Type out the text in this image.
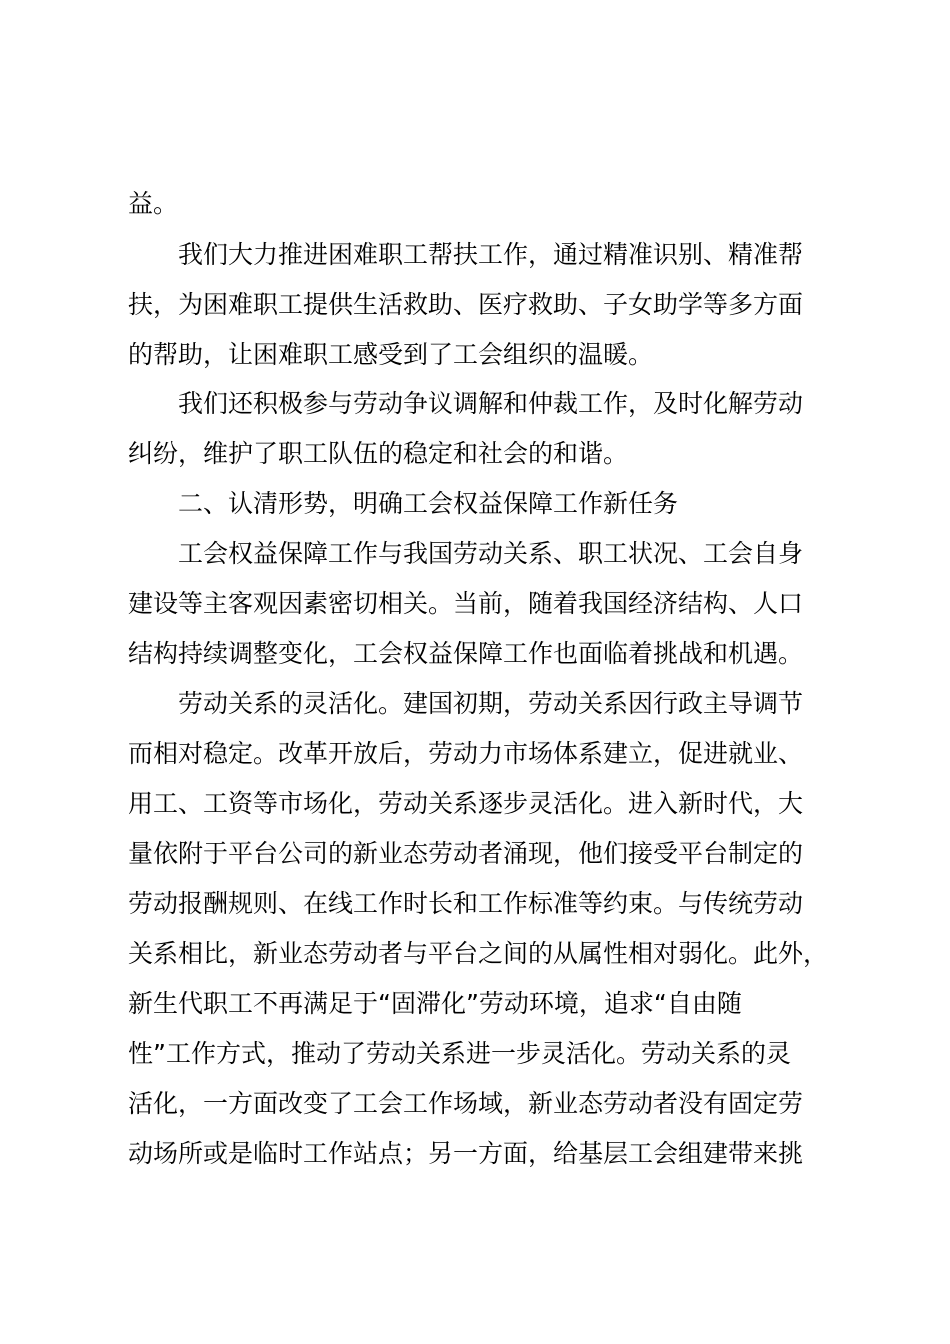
益。
我们大力推进困难职工帮扶工作，通过精准识别、精准帮
扶，为困难职工提供生活救助、医疗救助、子女助学等多方面
的帮助，让困难职工感受到了工会组织的温暖。
我们还积极参与劳动争议调解和仲裁工作，及时化解劳动
纠纷，维护了职工队伍的稳定和社会的和谐。
二、认清形势，明确工会权益保障工作新任务
工会权益保障工作与我国劳动关系、职工状况、工会自身
建设等主客观因素密切相关。当前，随着我国经济结构、人口
结构持续调整变化，工会权益保障工作也面临着挑战和机遇。
劳动关系的灵活化。建国初期，劳动关系因行政主导调节
而相对稳定。改革开放后，劳动力市场体系建立，促进就业、
用工、工资等市场化，劳动关系逐步灵活化。进入新时代，大
量依附于平台公司的新业态劳动者涌现，他们接受平台制定的
劳动报酬规则、在线工作时长和工作标准等约束。与传统劳动
关系相比，新业态劳动者与平台之间的从属性相对弱化。此外，
新生代职工不再满足于“固滞化”劳动环境，追求“自由随
性”工作方式，推动了劳动关系进一步灵活化。劳动关系的灵
活化，一方面改变了工会工作场域，新业态劳动者没有固定劳
动场所或是临时工作站点；另一方面，给基层工会组建带来挑
